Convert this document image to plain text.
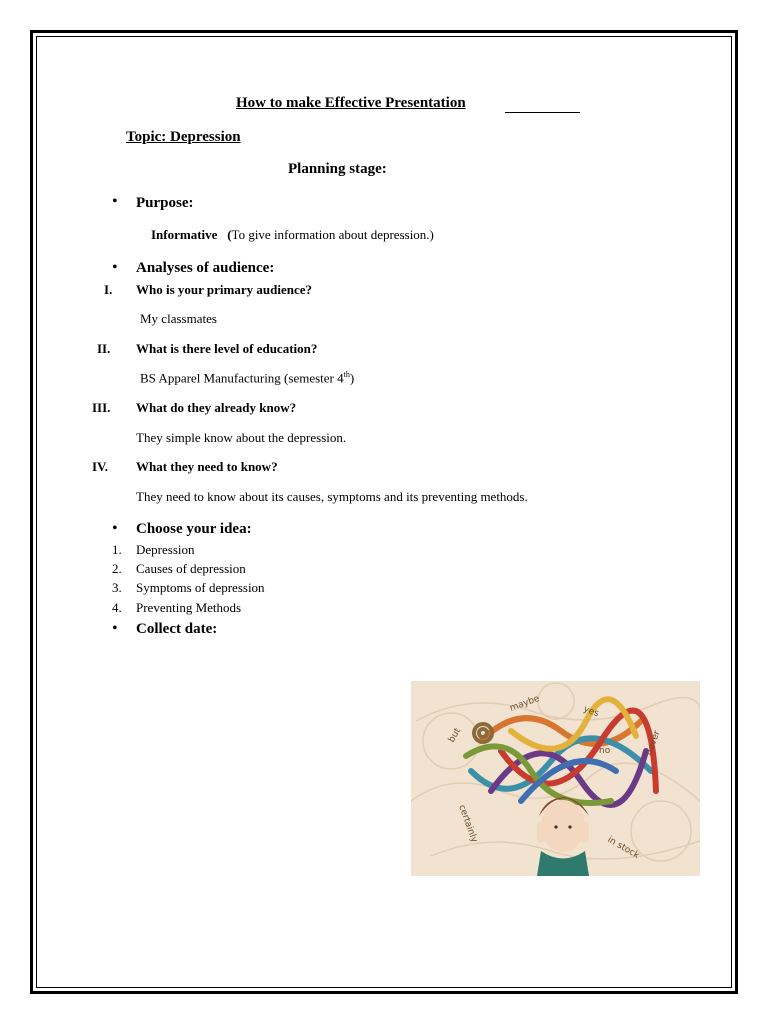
How to make Effective Presentation
Topic: Depression
Planning stage:
• Purpose:
Informative (To give information about depression.)
• Analyses of audience:
I. Who is your primary audience?
My classmates
II. What is there level of education?
BS Apparel Manufacturing (semester 4th)
III. What do they already know?
They simple know about the depression.
IV. What they need to know?
They need to know about its causes, symptoms and its preventing methods.
• Choose your idea:
1. Depression
2. Causes of depression
3. Symptoms of depression
4. Preventing Methods
• Collect date:
but
maybe	yes
no	never
certainly
in stock
